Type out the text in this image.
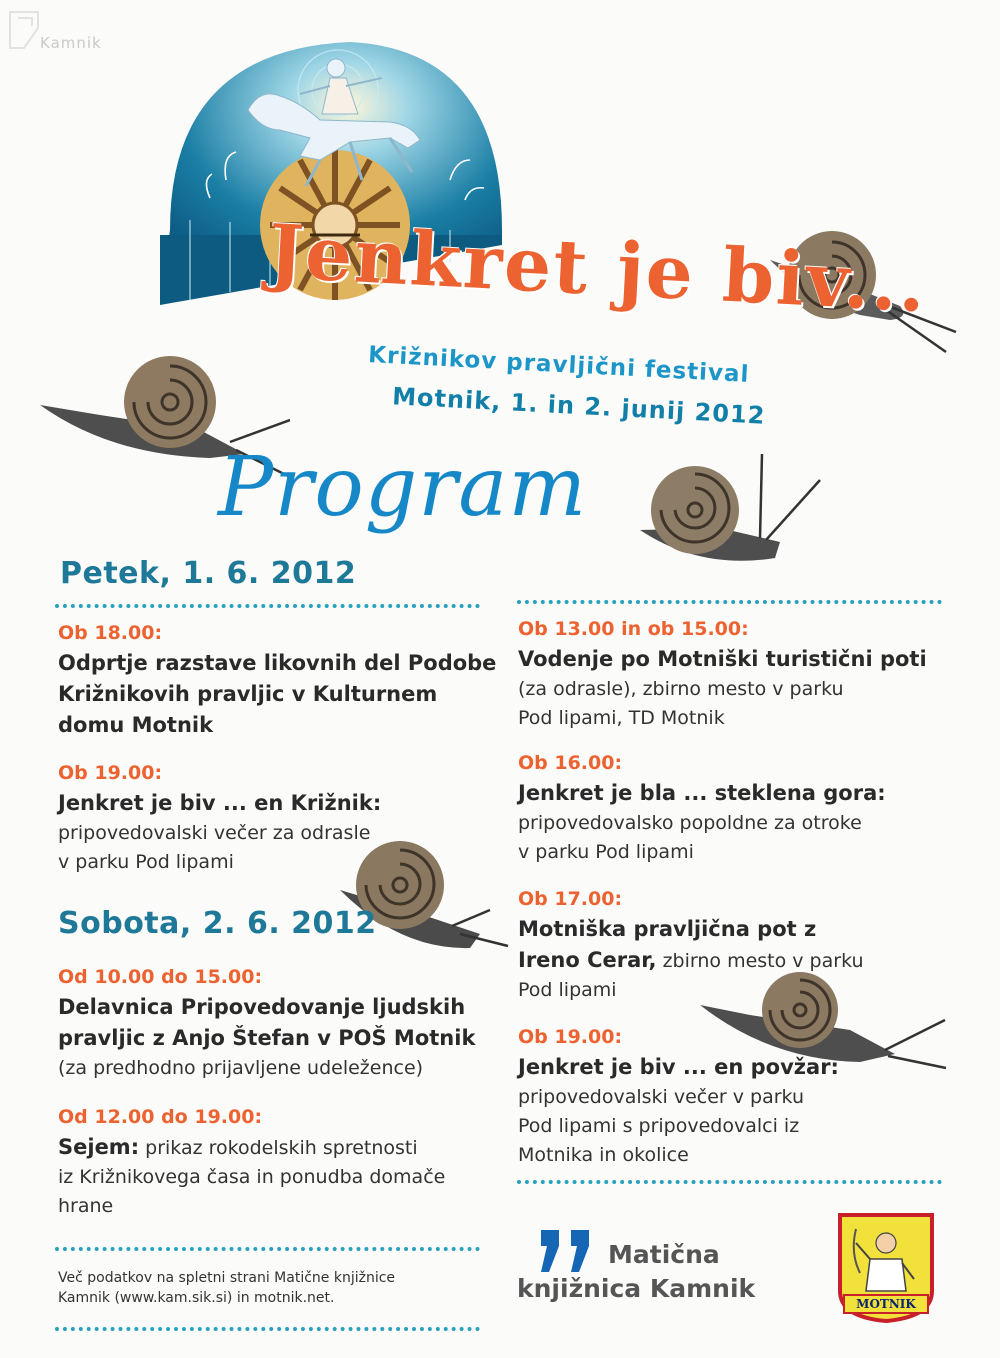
Kamnik
Jenkret je biv...
Križnikov pravljični festival
Motnik, 1. in 2. junij 2012
Program
Petek, 1. 6. 2012
Ob 18.00:
Odprtje razstave likovnih del Podobe
Križnikovih pravljic v Kulturnem
domu Motnik
Ob 19.00:
Jenkret je biv ... en Križnik:
pripovedovalski večer za odrasle
v parku Pod lipami
Sobota, 2. 6. 2012
Od 10.00 do 15.00:
Delavnica Pripovedovanje ljudskih
pravljic z Anjo Štefan v POŠ Motnik
(za predhodno prijavljene udeležence)
Od 12.00 do 19.00:
Sejem: prikaz rokodelskih spretnosti
iz Križnikovega časa in ponudba domače
hrane
Ob 13.00 in ob 15.00:
Vodenje po Motniški turistični poti
(za odrasle), zbirno mesto v parku
Pod lipami, TD Motnik
Ob 16.00:
Jenkret je bla ... steklena gora:
pripovedovalsko popoldne za otroke
v parku Pod lipami
Ob 17.00:
Motniška pravljična pot z
Ireno Cerar, zbirno mesto v parku
Pod lipami
Ob 19.00:
Jenkret je biv ... en povžar:
pripovedovalski večer v parku
Pod lipami s pripovedovalci iz
Motnika in okolice
Več podatkov na spletni strani Matične knjižnice
Kamnik (www.kam.sik.si) in motnik.net.
Matična
knjižnica Kamnik
MOTNIK
